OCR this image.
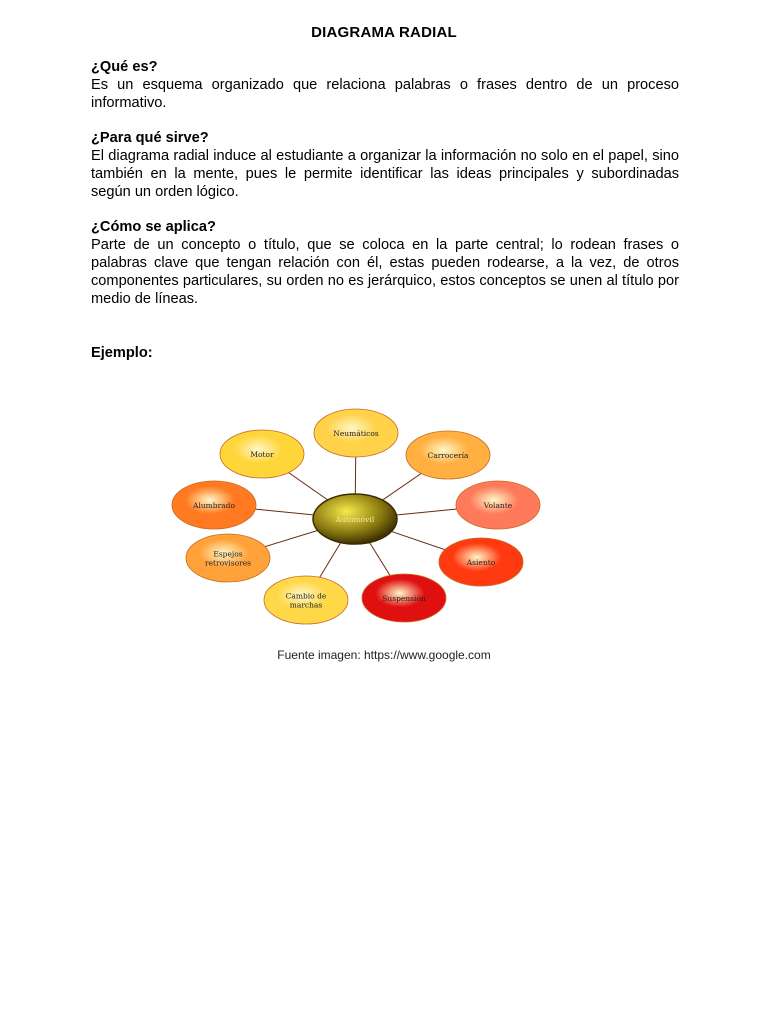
DIAGRAMA RADIAL
¿Qué es?
Es un esquema organizado que relaciona palabras o frases dentro de un proceso informativo.
¿Para qué sirve?
El diagrama radial induce al estudiante a organizar la información no solo en el papel, sino también en la mente, pues le permite identificar las ideas principales y subordinadas según un orden lógico.
¿Cómo se aplica?
Parte de un concepto o título, que se coloca en la parte central; lo rodean frases o palabras clave que tengan relación con él, estas pueden rodearse, a la vez, de otros componentes particulares, su orden no es jerárquico, estos conceptos se unen al título por medio de líneas.
Ejemplo:
Neumáticos
Carrocería
Volante
Asiento
Suspensión
Cambio de marchas
Espejos retrovisores
Alumbrado
Motor
Automóvil
Fuente imagen: https://www.google.com
